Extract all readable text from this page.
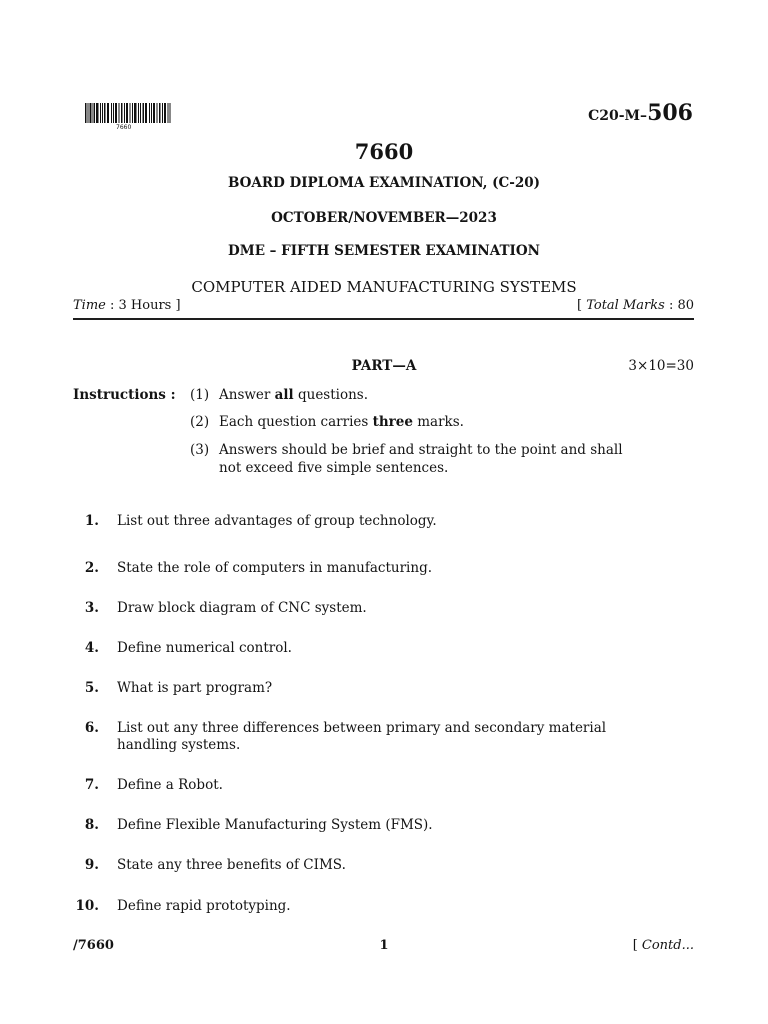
7660
C20-M–506
7660
BOARD DIPLOMA EXAMINATION, (C-20)
OCTOBER/NOVEMBER—2023
DME – FIFTH SEMESTER EXAMINATION
COMPUTER AIDED MANUFACTURING SYSTEMS
Time : 3 Hours ]	[ Total Marks : 80
PART—A	3×10=30
Instructions : (1) Answer all questions.
(2) Each question carries three marks.
(3) Answers should be brief and straight to the point and shall
not exceed five simple sentences.
1. List out three advantages of group technology.
2. State the role of computers in manufacturing.
3. Draw block diagram of CNC system.
4. Define numerical control.
5. What is part program?
6. List out any three differences between primary and secondary material
handling systems.
7. Define a Robot.
8. Define Flexible Manufacturing System (FMS).
9. State any three benefits of CIMS.
10. Define rapid prototyping.
/7660	1	[ Contd...
